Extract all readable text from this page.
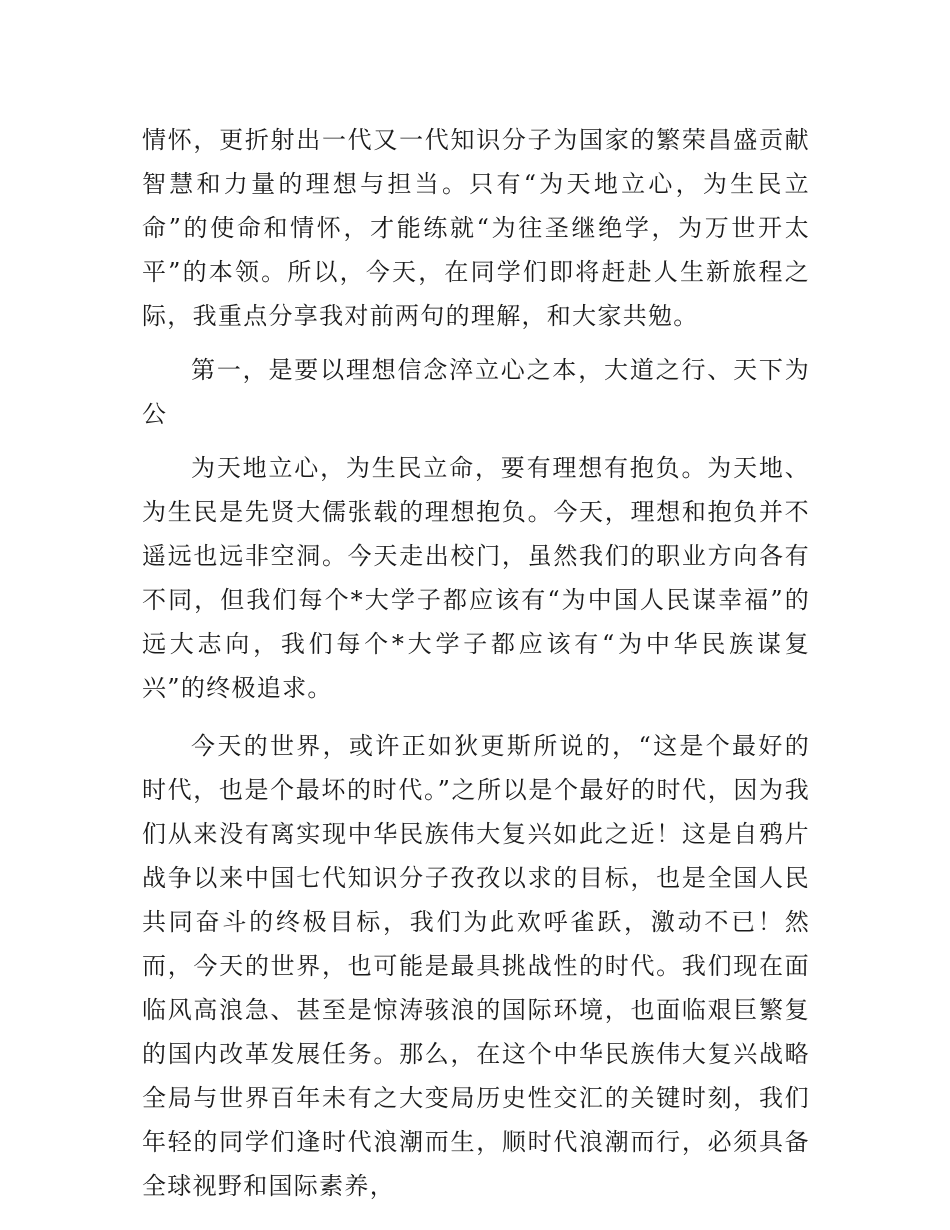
情怀，更折射出一代又一代知识分子为国家的繁荣昌盛贡献智慧和力量的理想与担当。只有“为天地立心，为生民立命”的使命和情怀，才能练就“为往圣继绝学，为万世开太平”的本领。所以，今天，在同学们即将赶赴人生新旅程之际，我重点分享我对前两句的理解，和大家共勉。

第一，是要以理想信念淬立心之本，大道之行、天下为公

为天地立心，为生民立命，要有理想有抱负。为天地、为生民是先贤大儒张载的理想抱负。今天，理想和抱负并不遥远也远非空洞。今天走出校门，虽然我们的职业方向各有不同，但我们每个*大学子都应该有“为中国人民谋幸福”的远大志向，我们每个*大学子都应该有“为中华民族谋复兴”的终极追求。

今天的世界，或许正如狄更斯所说的，“这是个最好的时代，也是个最坏的时代。”之所以是个最好的时代，因为我们从来没有离实现中华民族伟大复兴如此之近！这是自鸦片战争以来中国七代知识分子孜孜以求的目标，也是全国人民共同奋斗的终极目标，我们为此欢呼雀跃，激动不已！然而，今天的世界，也可能是最具挑战性的时代。我们现在面临风高浪急、甚至是惊涛骇浪的国际环境，也面临艰巨繁复的国内改革发展任务。那么，在这个中华民族伟大复兴战略全局与世界百年未有之大变局历史性交汇的关键时刻，我们年轻的同学们逢时代浪潮而生，顺时代浪潮而行，必须具备全球视野和国际素养，
